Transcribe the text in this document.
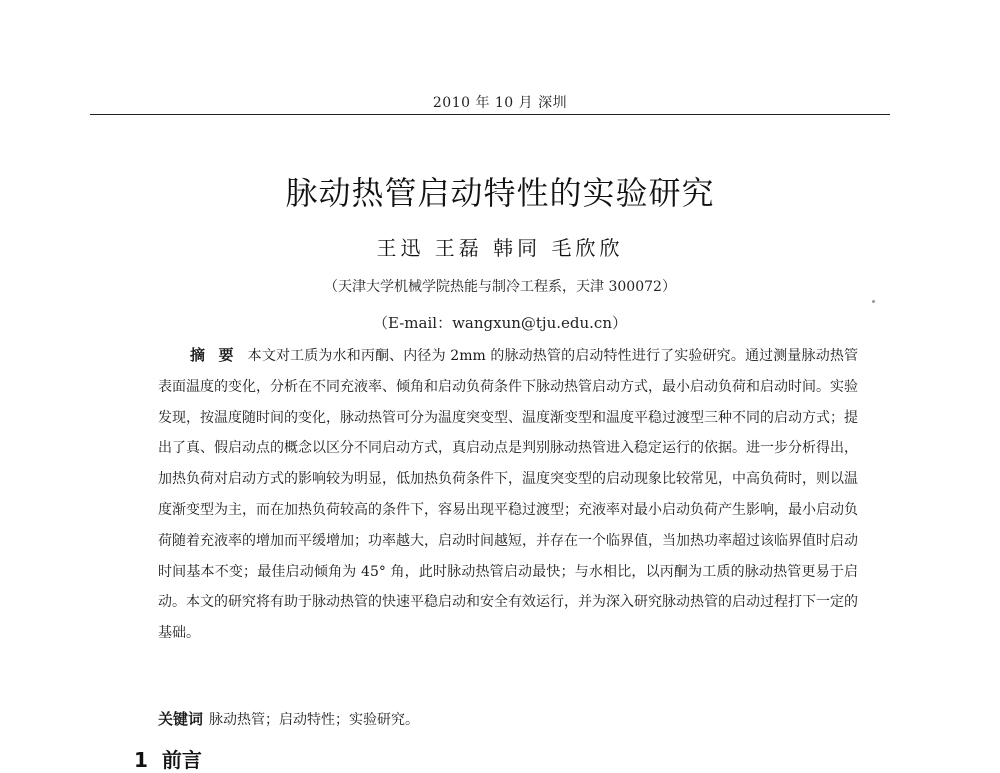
2010 年 10 月 深圳
脉动热管启动特性的实验研究
王迅 王磊 韩同 毛欣欣
（天津大学机械学院热能与制冷工程系，天津 300072）
（E-mail：wangxun@tju.edu.cn）
摘 要 本文对工质为水和丙酮、内径为 2mm 的脉动热管的启动特性进行了实验研究。通过测量脉动热管表面温度的变化，分析在不同充液率、倾角和启动负荷条件下脉动热管启动方式，最小启动负荷和启动时间。实验发现，按温度随时间的变化，脉动热管可分为温度突变型、温度渐变型和温度平稳过渡型三种不同的启动方式；提出了真、假启动点的概念以区分不同启动方式，真启动点是判别脉动热管进入稳定运行的依据。进一步分析得出，加热负荷对启动方式的影响较为明显，低加热负荷条件下，温度突变型的启动现象比较常见，中高负荷时，则以温度渐变型为主，而在加热负荷较高的条件下，容易出现平稳过渡型；充液率对最小启动负荷产生影响，最小启动负荷随着充液率的增加而平缓增加；功率越大，启动时间越短，并存在一个临界值，当加热功率超过该临界值时启动时间基本不变；最佳启动倾角为 45° 角，此时脉动热管启动最快；与水相比，以丙酮为工质的脉动热管更易于启动。本文的研究将有助于脉动热管的快速平稳启动和安全有效运行，并为深入研究脉动热管的启动过程打下一定的基础。
关键词 脉动热管；启动特性；实验研究。
1 前言
